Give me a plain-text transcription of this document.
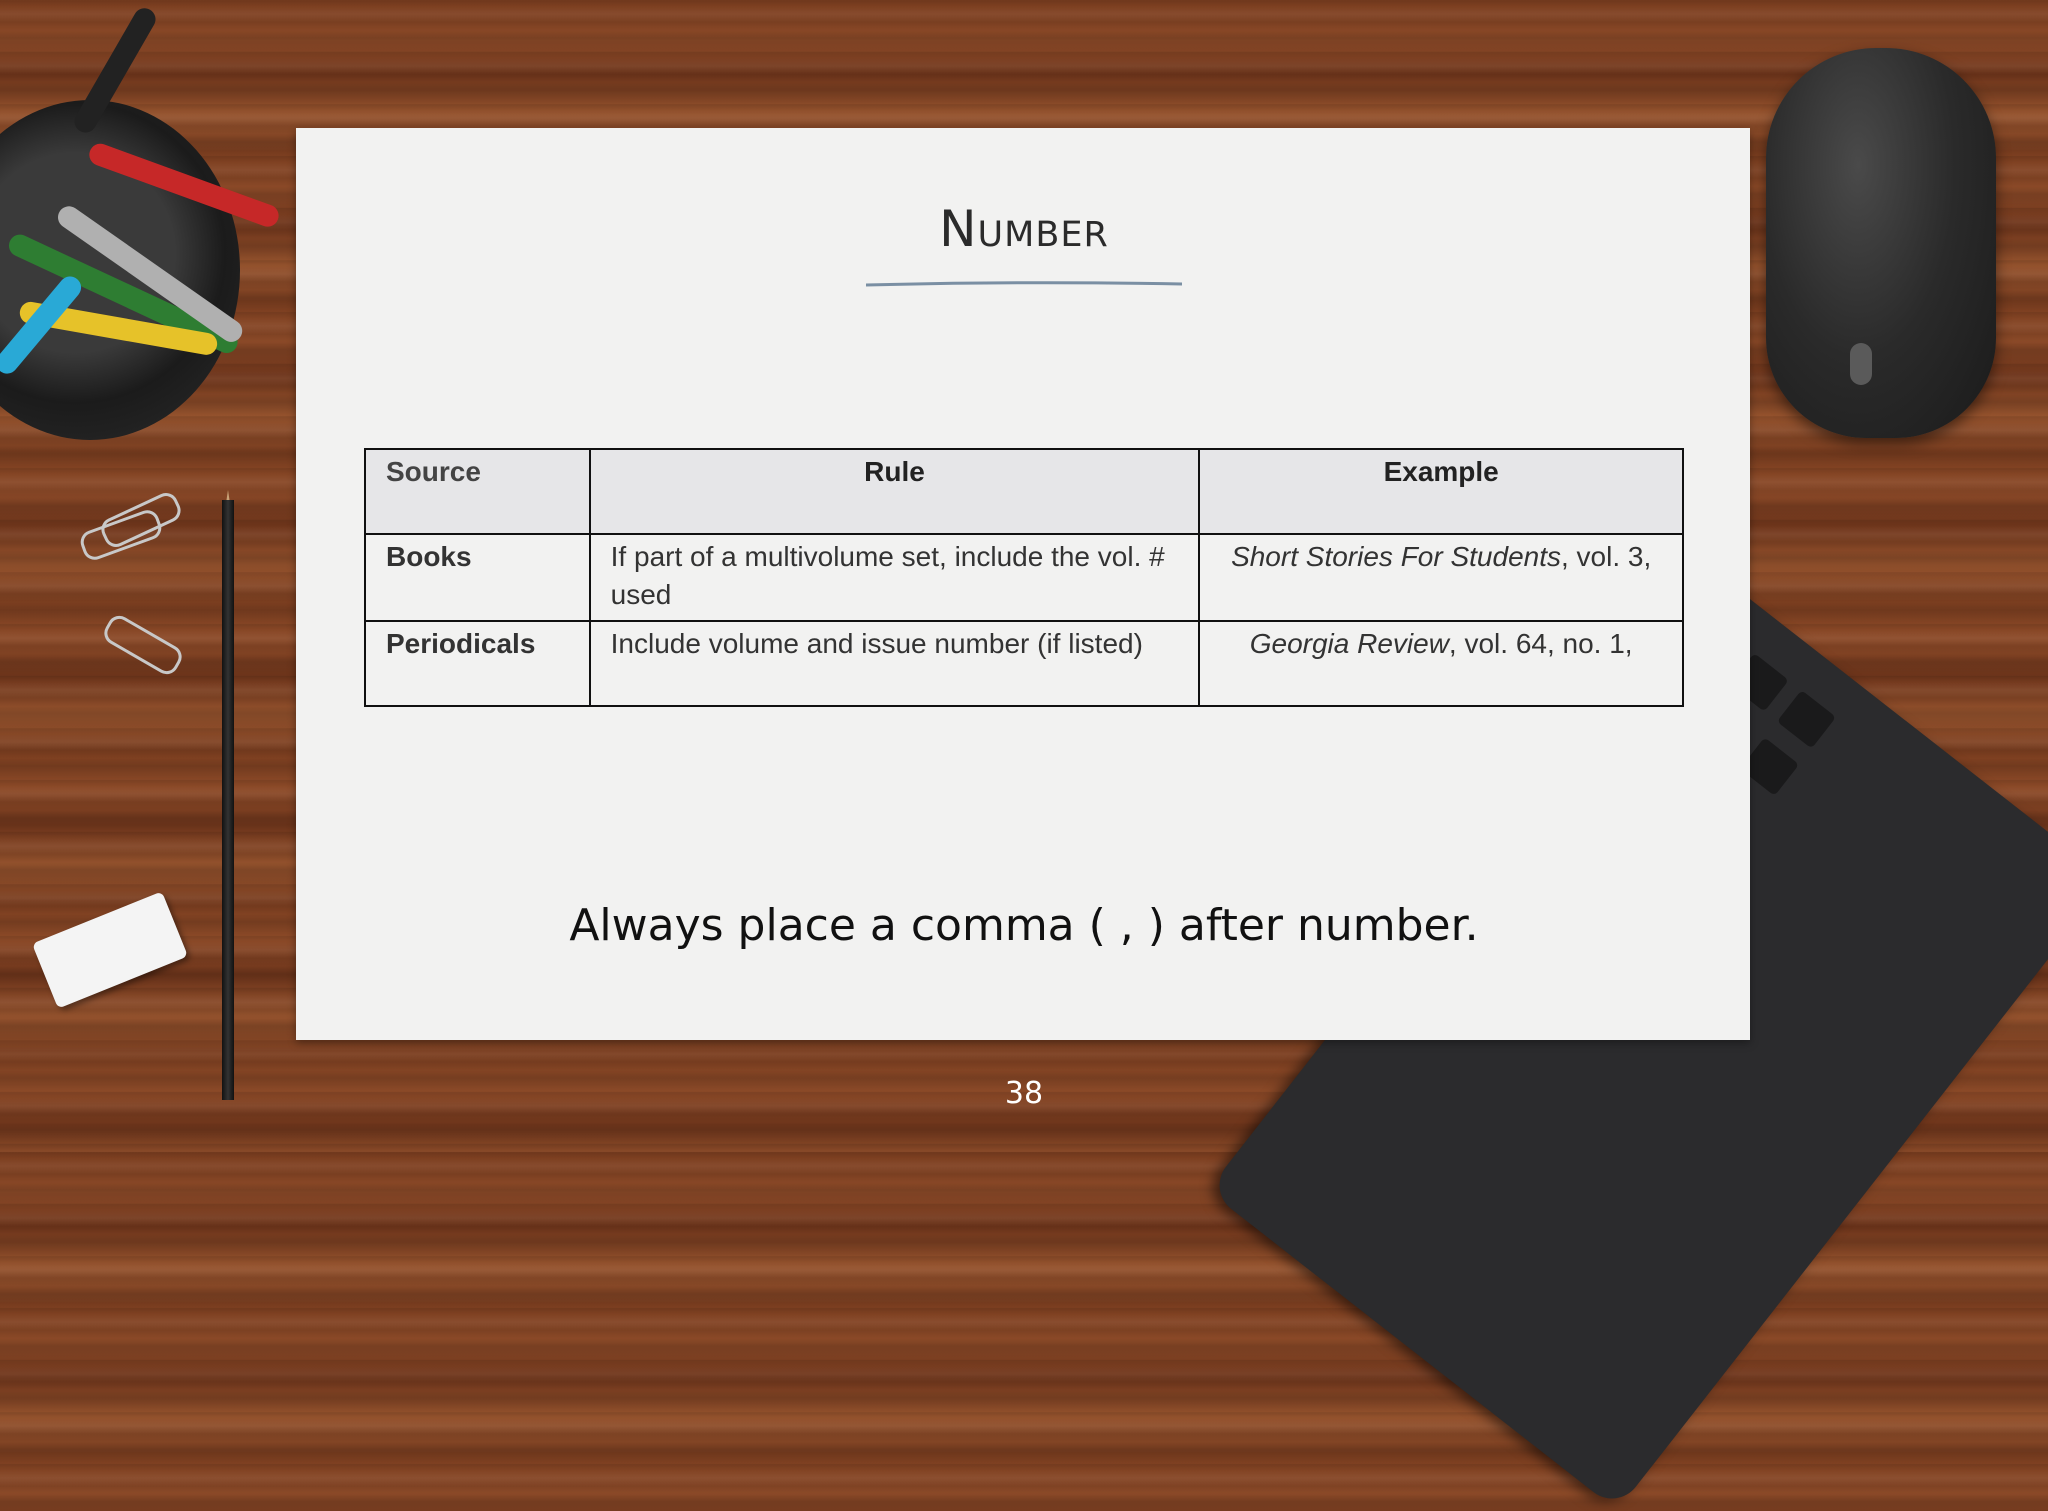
Number
Source	Rule	Example
Books	If part of a multivolume set, include the vol. # used	Short Stories For Students, vol. 3,
Periodicals	Include volume and issue number (if listed)	Georgia Review, vol. 64, no. 1,
Always place a comma ( , ) after number.
38
